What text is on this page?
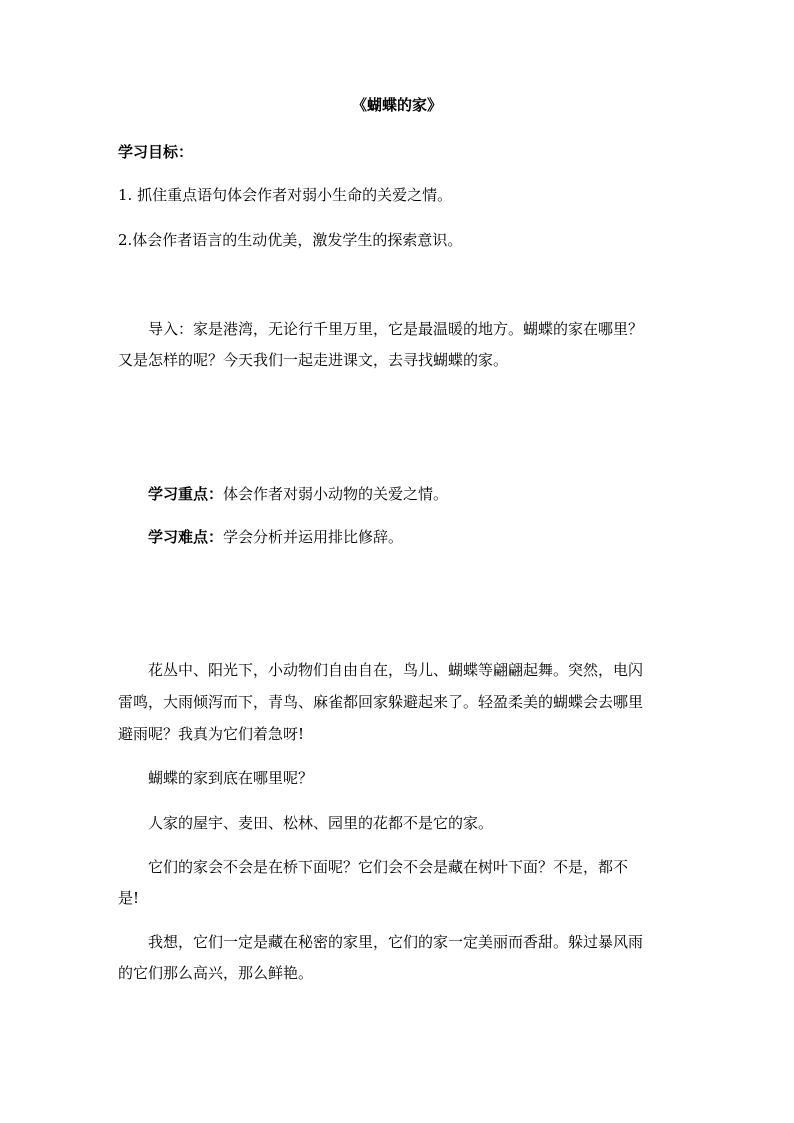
《蝴蝶的家》

学习目标：

1. 抓住重点语句体会作者对弱小生命的关爱之情。

2.体会作者语言的生动优美，激发学生的探索意识。

导入：家是港湾，无论行千里万里，它是最温暖的地方。蝴蝶的家在哪里？

又是怎样的呢？今天我们一起走进课文，去寻找蝴蝶的家。

学习重点：体会作者对弱小动物的关爱之情。

学习难点：学会分析并运用排比修辞。

花丛中、阳光下，小动物们自由自在，鸟儿、蝴蝶等翩翩起舞。突然，电闪

雷鸣，大雨倾泻而下，青鸟、麻雀都回家躲避起来了。轻盈柔美的蝴蝶会去哪里

避雨呢？我真为它们着急呀!

蝴蝶的家到底在哪里呢？

人家的屋宇、麦田、松林、园里的花都不是它的家。

它们的家会不会是在桥下面呢？它们会不会是藏在树叶下面？不是，都不

是!

我想，它们一定是藏在秘密的家里，它们的家一定美丽而香甜。躲过暴风雨

的它们那么高兴，那么鲜艳。
